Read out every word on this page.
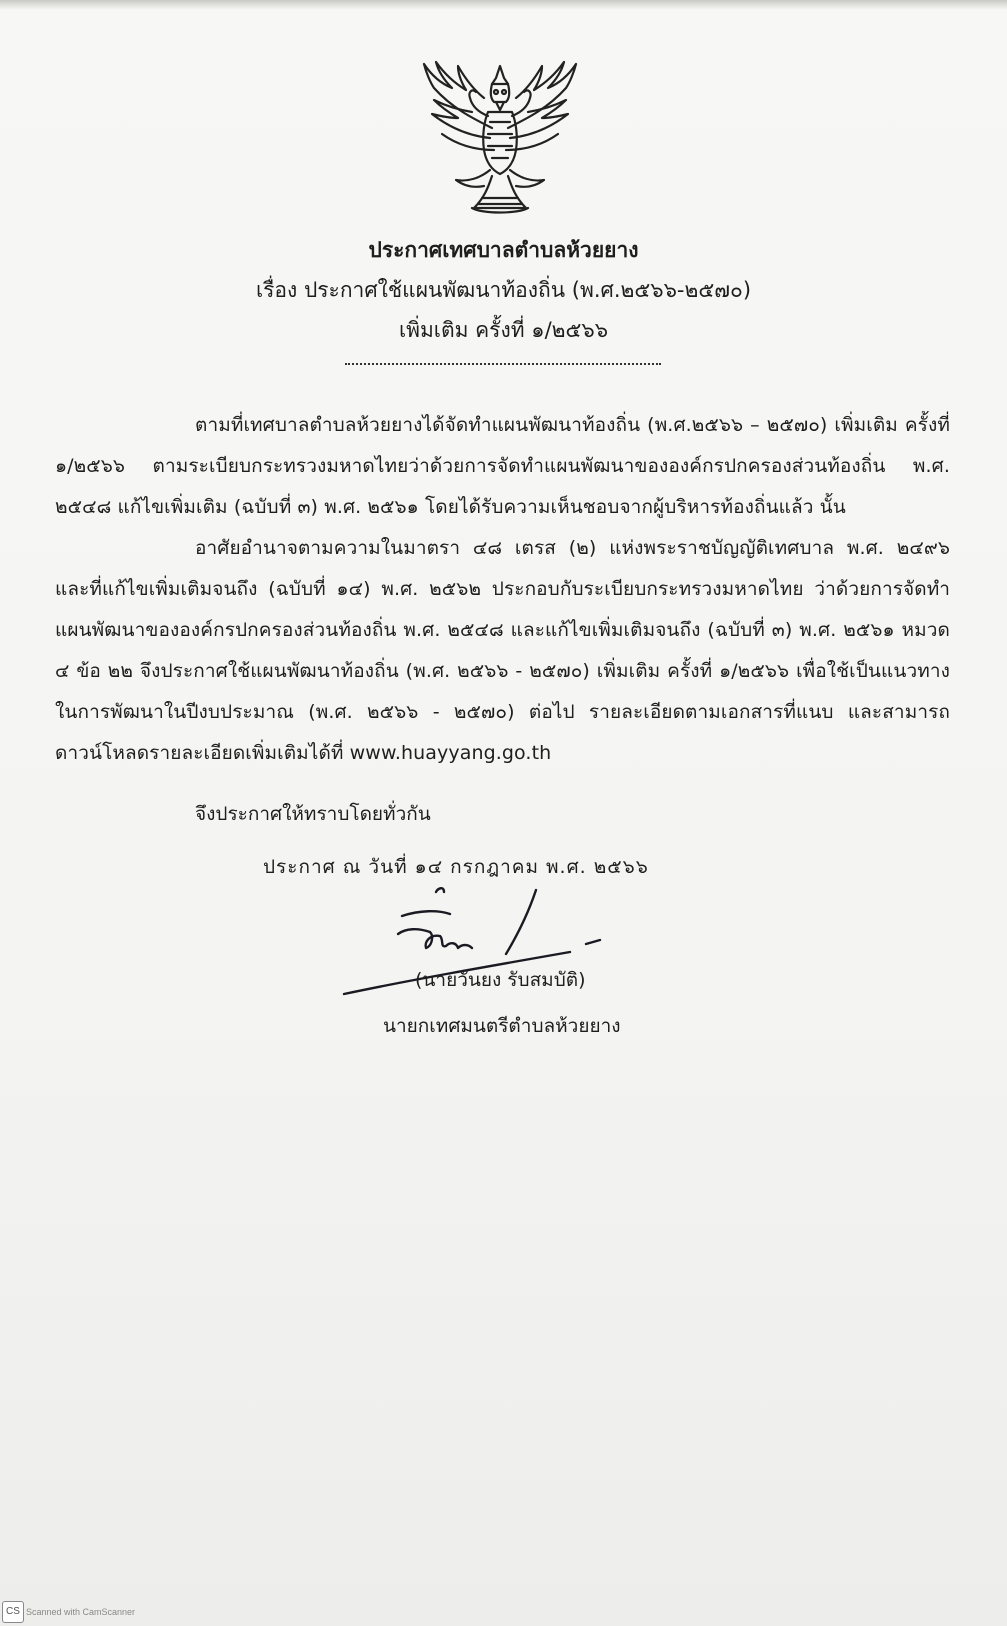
ประกาศเทศบาลตำบลห้วยยาง

เรื่อง ประกาศใช้แผนพัฒนาท้องถิ่น (พ.ศ.๒๕๖๖-๒๕๗๐)

เพิ่มเติม ครั้งที่ ๑/๒๕๖๖

ตามที่เทศบาลตำบลห้วยยางได้จัดทำแผนพัฒนาท้องถิ่น (พ.ศ.๒๕๖๖ – ๒๕๗๐) เพิ่มเติม ครั้งที่ ๑/๒๕๖๖ ตามระเบียบกระทรวงมหาดไทยว่าด้วยการจัดทำแผนพัฒนาขององค์กรปกครองส่วนท้องถิ่น พ.ศ. ๒๕๔๘ แก้ไขเพิ่มเติม (ฉบับที่ ๓) พ.ศ. ๒๕๖๑ โดยได้รับความเห็นชอบจากผู้บริหารท้องถิ่นแล้ว นั้น

อาศัยอำนาจตามความในมาตรา ๔๘ เตรส (๒) แห่งพระราชบัญญัติเทศบาล พ.ศ. ๒๔๙๖ และที่แก้ไขเพิ่มเติมจนถึง (ฉบับที่ ๑๔) พ.ศ. ๒๕๖๒ ประกอบกับระเบียบกระทรวงมหาดไทย ว่าด้วยการจัดทำแผนพัฒนาขององค์กรปกครองส่วนท้องถิ่น พ.ศ. ๒๕๔๘ และแก้ไขเพิ่มเติมจนถึง (ฉบับที่ ๓) พ.ศ. ๒๕๖๑ หมวด ๔ ข้อ ๒๒ จึงประกาศใช้แผนพัฒนาท้องถิ่น (พ.ศ. ๒๕๖๖ - ๒๕๗๐) เพิ่มเติม ครั้งที่ ๑/๒๕๖๖ เพื่อใช้เป็นแนวทางในการพัฒนาในปีงบประมาณ (พ.ศ. ๒๕๖๖ - ๒๕๗๐) ต่อไป รายละเอียดตามเอกสารที่แนบ และสามารถดาวน์โหลดรายละเอียดเพิ่มเติมได้ที่ www.huayyang.go.th

จึงประกาศให้ทราบโดยทั่วกัน

ประกาศ ณ วันที่ ๑๔ กรกฎาคม พ.ศ. ๒๕๖๖

(นายวันยง รับสมบัติ)

นายกเทศมนตรีตำบลห้วยยาง

CS Scanned with CamScanner
